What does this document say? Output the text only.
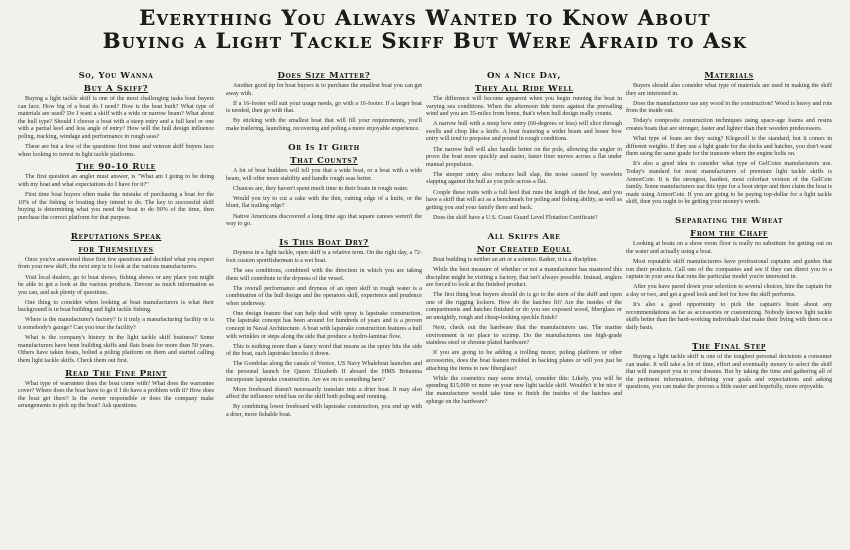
Everything You Always Wanted to Know About
Buying a Light Tackle Skiff But Were Afraid to Ask
So, You Wanna
Buy A Skiff?

Buying a light tackle skiff is one of the most challenging tasks boat buyers can face. How big of a boat do I need? How is the boat built? What type of materials are used? Do I want a skiff with a wide or narrow beam? What about the hull type? Should I choose a boat with a steep entry and a full keel or one with a partial keel and less angle of entry? How will the hull design influence poling, tracking, windage and performance in rough seas?

These are but a few of the questions first time and veteran skiff buyers face when looking to invest in light tackle platforms.

The 90-10 Rule

The first question an angler must answer, is "What am I going to be doing with my boat and what expectations do I have for it?"

First time boat buyers often make the mistake of purchasing a boat for the 10% of the fishing or boating they intend to do. The key to successful skiff buying is determining what you need the boat to do 90% of the time, then purchase the correct platform for that purpose.

Reputations Speak
for Themselves

Once you've answered these first few questions and decided what you expect from your new skiff, the next step is to look at the various manufacturers.

Visit local dealers, go to boat shows, fishing shows or any place you might be able to get a look at the various products. Devour as much information as you can, and ask plenty of questions.

One thing to consider when looking at boat manufacturers is what their background is in boat building and light tackle fishing.

Where is the manufacturer's factory? Is it truly a manufacturing facility or is it somebody's garage? Can you tour the facility?

What is the company's history in the light tackle skiff business? Some manufacturers have been building skiffs and flats boats for more than 50 years. Others have taken boats, bolted a poling platform on them and started calling them light tackle skiffs. Check them out first.

Read The Fine Print

What type of warrantee does the boat come with? What does the warrantee cover? Where does the boat have to go if I do have a problem with it? How does the boat get there? Is the owner responsible or does the company make arrangements to pick up the boat? Ask questions.

Does Size Matter?

Another good tip for boat buyers is to purchase the smallest boat you can get away with.

If a 16-footer will suit your usage needs, go with a 16-footer. If a larger boat is needed, then go with that.

By sticking with the smallest boat that will fill your requirements, you'll make trailering, launching, recovering and poling a more enjoyable experience.

Or Is It Girth
That Counts?

A lot of boat builders will tell you that a wide boat, or a boat with a wide beam, will offer more stability and handle rough seas better.

Chances are, they haven't spent much time in their boats in rough water.

Would you try to cut a cake with the thin, cutting edge of a knife, or the blunt, flat trailing edge?

Native Americans discovered a long time ago that square canoes weren't the way to go.

Is This Boat Dry?

Dryness in a light tackle, open skiff is a relative term. On the right day, a 72-foot custom sportfisherman is a wet boat.

The sea conditions, combined with the direction in which you are taking them will contribute to the dryness of the vessel.

The overall performance and dryness of an open skiff in rough water is a combination of the hull design and the operators skill, experience and prudence when underway.

One design feature that can help deal with spray is lapstrake construction. The lapstrake concept has been around for hundreds of years and is a proven concept in Naval Architecture. A boat with lapstrake construction features a hull with wrinkles or steps along the side that produce a hydro-laminar flow.

This is nothing more than a fancy word that means as the spray hits the side of the boat, each lapstrake knocks it down.

The Gondolas along the canals of Venice, US Navy Whaleboat launches and the personal launch for Queen Elizabeth II aboard the HMS Britannia incorporate lapstrake construction. Are we on to something here?

More freeboard doesn't necessarily translate into a drier boat. It may also affect the influence wind has on the skiff both poling and running.

By combining lower freeboard with lapstrake construction, you end up with a drier, more fishable boat.

On a Nice Day,
They All Ride Well

The difference will become apparent when you begin running the boat in varying sea conditions. When the afternoon tide turns against the prevailing wind and you are 35-miles from home, that's when hull design really counts.

A narrow hull with a steep bow entry (60-degrees or less) will slice through swells and chop like a knife. A boat featuring a wider beam and lesser bow entry will tend to porpoise and pound in rough conditions.

The narrow hull will also handle better on the pole, allowing the angler to prove the boat more quickly and easier, faster finer moves across a flat under manual propulsion.

The steeper entry also reduces hull slap, the noise caused by wavelets slapping against the hull as you pole across a flat.

Couple these traits with a full keel that runs the length of the boat, and you have a skiff that will act as a benchmark for poling and fishing ability, as well as getting you and your family there and back.

Does the skiff have a U.S. Coast Guard Level Flotation Certificate?

All Skiffs Are
Not Created Equal

Boat building is neither an art or a science. Rather, it is a discipline.

While the best measure of whether or not a manufacturer has mastered this discipline might be visiting a factory, that isn't always possible. Instead, anglers are forced to look at the finished product.

The first thing boat buyers should do is go to the stern of the skiff and open one of the rigging lockers. How do the hatches fit? Are the insides of the compartments and hatches finished or do you see exposed wood, fiberglass or an unsightly, rough and cheap-looking speckle finish?

Next, check out the hardware that the manufacturers use. The marine environment is no place to scrimp. Do the manufacturers use high-grade stainless steel or chrome plated hardware?

If you are going to be adding a trolling motor, poling platform or other accessories, does the boat feature molded in backing plates or will you just be attaching the items to raw fiberglass?

While the cosmetics may seem trivial, consider this: Likely, you will be spending $15,000 or more on your new light tackle skiff. Wouldn't it be nice if the manufacturer would take time to finish the insides of the hatches and splurge on the hardware?

Materials

Buyers should also consider what type of materials are used in making the skiff they are interested in.

Does the manufacturer use any wood in the construction? Wood is heavy and rots from the inside out.

Today's composite construction techniques using space-age foams and resins creates boats that are stronger, faster and lighter than their wooden predecessors.

What type of foam are they using? Klegecell is the standard, but it comes in different weights. If they use a light grade for the decks and hatches, you don't want them using the same grade for the transom where the engine bolts on.

It's also a good idea to consider what type of GelCotes manufacturers use. Today's standard for most manufacturers of premium light tackle skiffs is ArmorCote. It is the strongest, hardest, most colorfast version of the GelCote family. Some manufacturers use this type for a boot stripe and then claim the boat is made using ArmorCote. If you are going to be paying top-dollar for a light tackle skiff, then you ought to be getting your money's worth.

Separating the Wheat
From the Chaff

Looking at boats on a show room floor is really no substitute for getting out on the water and actually using a boat.

Most reputable skiff manufacturers have professional captains and guides that run their products. Call one of the companies and see if they can direct you to a captain in your area that runs the particular model you're interested in.

After you have pared down your selection to several choices, hire the captain for a day or two, and get a good look and feel for how the skiff performs.

It's also a good opportunity to pick the captain's brain about any recommendations as far as accessories or customizing. Nobody knows light tackle skiffs better than the hard-working individuals that make their living with them on a daily basis.

The Final Step

Buying a light tackle skiff is one of the toughest personal decisions a consumer can make. It will take a lot of time, effort and eventually money to select the skiff that will transport you to your dreams. But by taking the time and gathering all of the pertinent information, defining your goals and expectations and asking questions, you can make the process a little easier and hopefully, more enjoyable.
